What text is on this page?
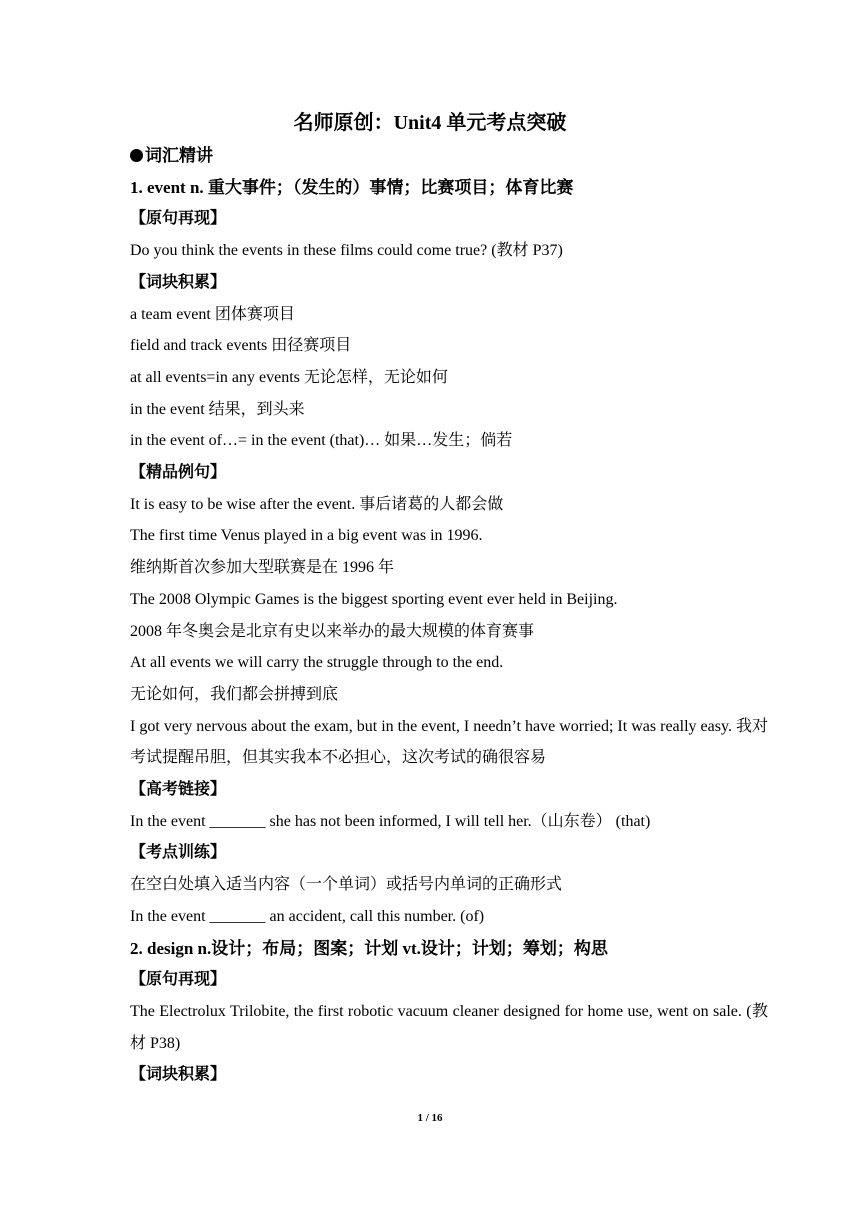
名师原创：Unit4 单元考点突破
词汇精讲
1. event n. 重大事件；（发生的）事情；比赛项目；体育比赛
【原句再现】
Do you think the events in these films could come true? (教材 P37)
【词块积累】
a team event 团体赛项目
field and track events 田径赛项目
at all events=in any events 无论怎样，无论如何
in the event 结果，到头来
in the event of…= in the event (that)… 如果…发生；倘若
【精品例句】
It is easy to be wise after the event. 事后诸葛的人都会做
The first time Venus played in a big event was in 1996.
维纳斯首次参加大型联赛是在 1996 年
The 2008 Olympic Games is the biggest sporting event ever held in Beijing.
2008 年冬奥会是北京有史以来举办的最大规模的体育赛事
At all events we will carry the struggle through to the end.
无论如何，我们都会拼搏到底
I got very nervous about the exam, but in the event, I needn’t have worried; It was really easy. 我对考试提醒吊胆，但其实我本不必担心，这次考试的确很容易
【高考链接】
In the event _______ she has not been informed, I will tell her.（山东卷） (that)
【考点训练】
在空白处填入适当内容（一个单词）或括号内单词的正确形式
In the event _______ an accident, call this number. (of)
2. design n.设计；布局；图案；计划 vt.设计；计划；筹划；构思
【原句再现】
The Electrolux Trilobite, the first robotic vacuum cleaner designed for home use, went on sale. (教材 P38)
【词块积累】
1 / 16
